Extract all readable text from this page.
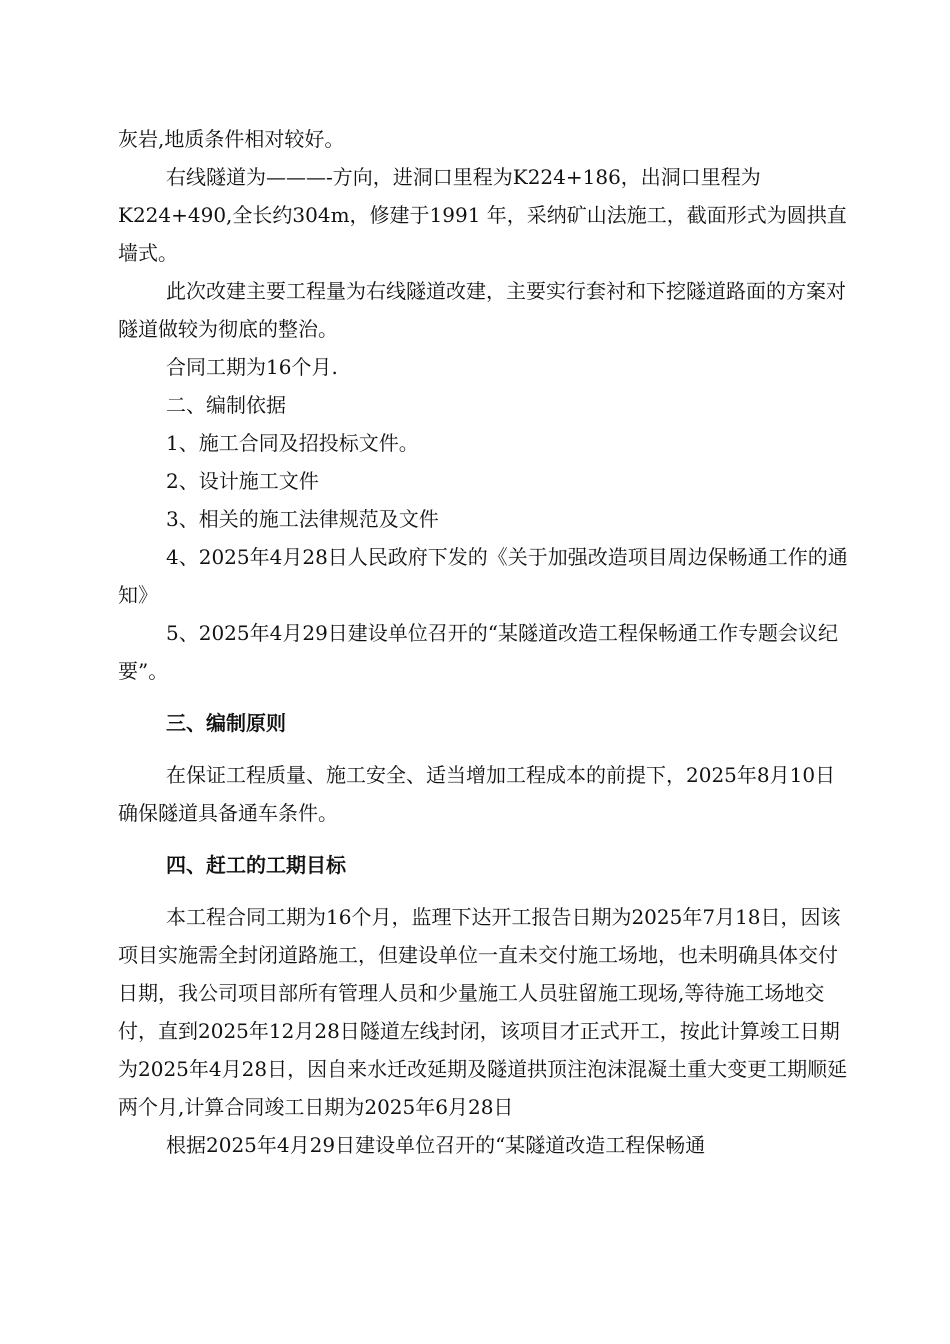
灰岩,地质条件相对较好。

右线隧道为———-方向，进洞口里程为K224+186，出洞口里程为K224+490,全长约304m，修建于1991 年，采纳矿山法施工，截面形式为圆拱直墙式。

此次改建主要工程量为右线隧道改建，主要实行套衬和下挖隧道路面的方案对隧道做较为彻底的整治。

合同工期为16个月.

二、编制依据

1、施工合同及招投标文件。

2、设计施工文件

3、相关的施工法律规范及文件

4、2025年4月28日人民政府下发的《关于加强改造项目周边保畅通工作的通知》

5、2025年4月29日建设单位召开的“某隧道改造工程保畅通工作专题会议纪要”。

三、编制原则

在保证工程质量、施工安全、适当增加工程成本的前提下，2025年8月10日确保隧道具备通车条件。

四、赶工的工期目标

本工程合同工期为16个月，监理下达开工报告日期为2025年7月18日，因该项目实施需全封闭道路施工，但建设单位一直未交付施工场地，也未明确具体交付日期，我公司项目部所有管理人员和少量施工人员驻留施工现场,等待施工场地交付，直到2025年12月28日隧道左线封闭，该项目才正式开工，按此计算竣工日期为2025年4月28日，因自来水迁改延期及隧道拱顶注泡沫混凝土重大变更工期顺延两个月,计算合同竣工日期为2025年6月28日

根据2025年4月29日建设单位召开的“某隧道改造工程保畅通
